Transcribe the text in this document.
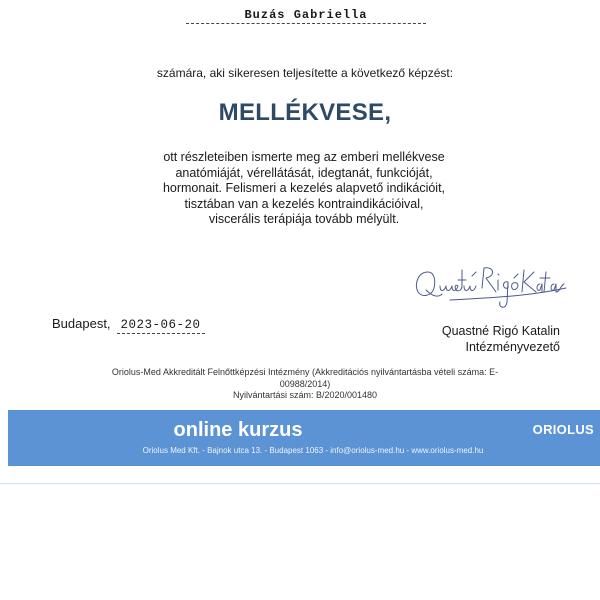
Buzás Gabriella
számára, aki sikeresen teljesítette a következő képzést:
MELLÉKVESE,
ott részleteiben ismerte meg az emberi mellékvese
anatómiáját, vérellátását, idegtanát, funkcióját,
hormonait. Felismeri a kezelés alapvető indikációit,
tisztában van a kezelés kontraindikációival,
viscerális terápiája tovább mélyült.
Budapest, 2023-06-20	Quastné Rigó Katalin
Intézményvezető
Oriolus-Med Akkreditált Felnőttképzési Intézmény (Akkreditációs nyilvántartásba vételi száma: E-00988/2014)
Nyilvántartási szám: B/2020/001480
online kurzus	ORIOLUS
Oriolus Med Kft. - Bajnok utca 13. - Budapest 1063 - info@oriolus-med.hu - www.oriolus-med.hu
